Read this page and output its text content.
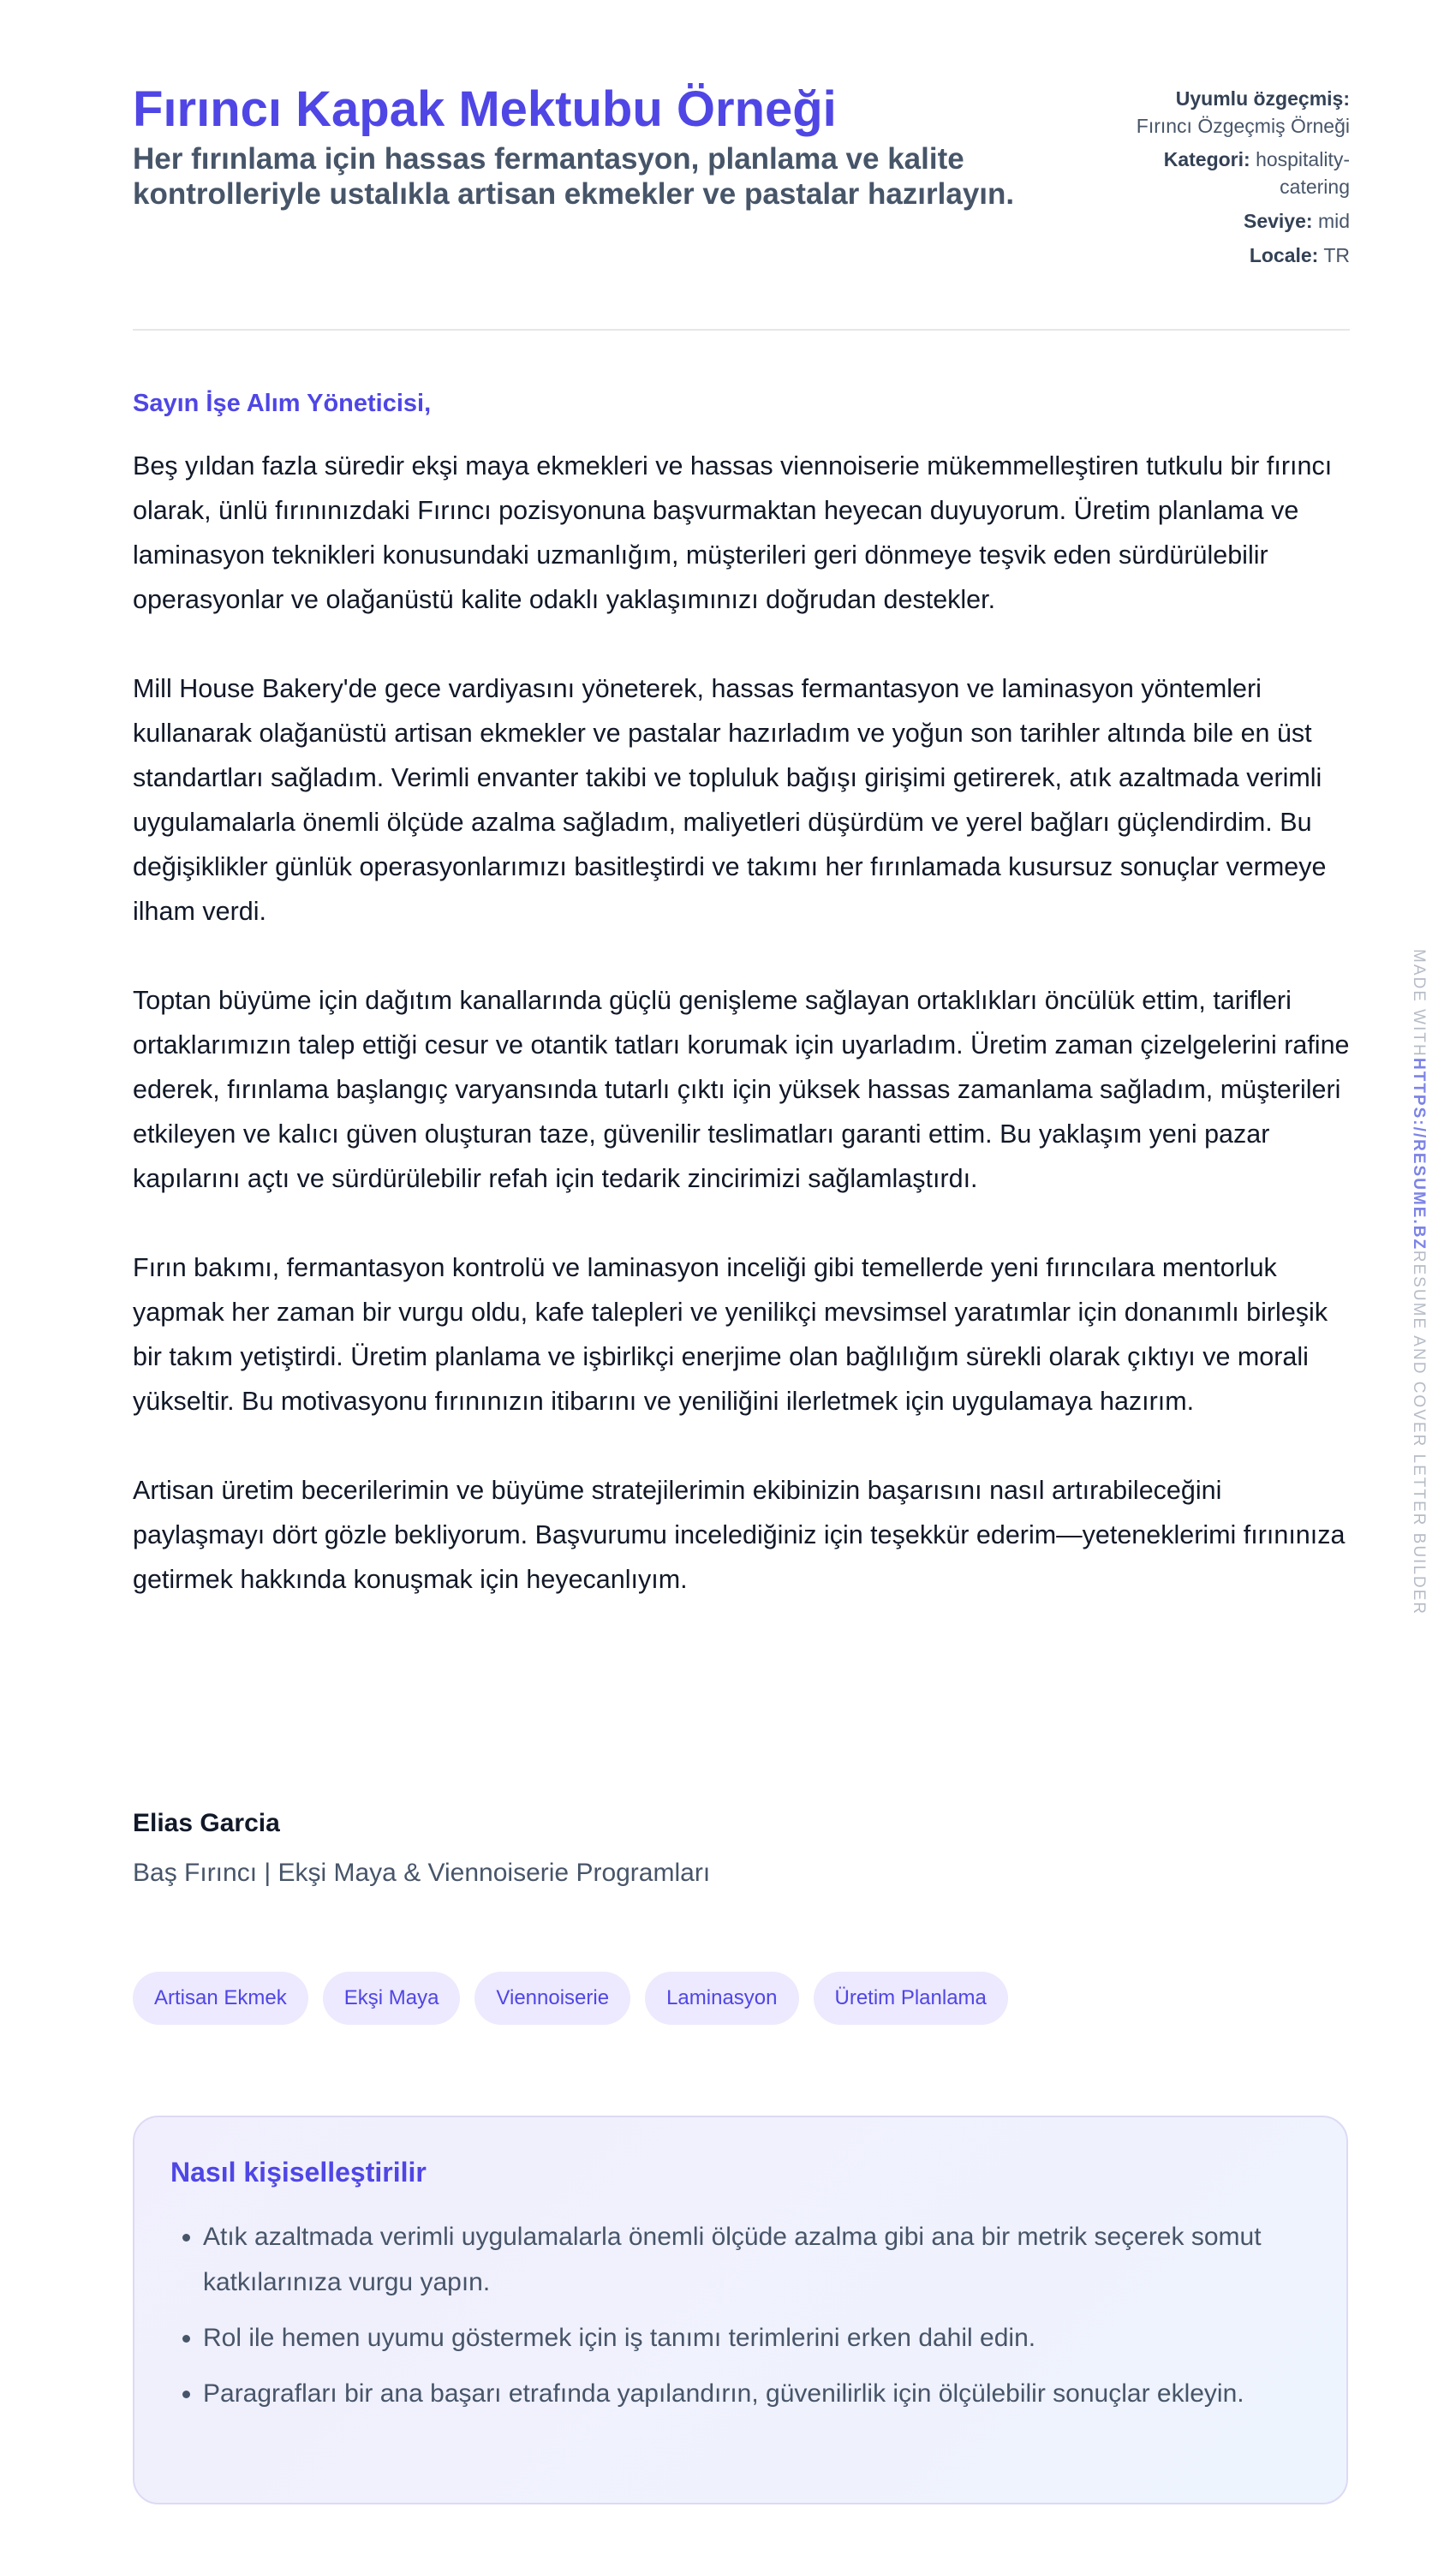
Fırıncı Kapak Mektubu Örneği

Her fırınlama için hassas fermantasyon, planlama ve kalite kontrolleriyle ustalıkla artisan ekmekler ve pastalar hazırlayın.

Uyumlu özgeçmiş: Fırıncı Özgeçmiş Örneği
Kategori: hospitality-catering
Seviye: mid
Locale: TR

Sayın İşe Alım Yöneticisi,

Beş yıldan fazla süredir ekşi maya ekmekleri ve hassas viennoiserie mükemmelleştiren tutkulu bir fırıncı olarak, ünlü fırınınızdaki Fırıncı pozisyonuna başvurmaktan heyecan duyuyorum. Üretim planlama ve laminasyon teknikleri konusundaki uzmanlığım, müşterileri geri dönmeye teşvik eden sürdürülebilir operasyonlar ve olağanüstü kalite odaklı yaklaşımınızı doğrudan destekler.

Mill House Bakery'de gece vardiyasını yöneterek, hassas fermantasyon ve laminasyon yöntemleri kullanarak olağanüstü artisan ekmekler ve pastalar hazırladım ve yoğun son tarihler altında bile en üst standartları sağladım. Verimli envanter takibi ve topluluk bağışı girişimi getirerek, atık azaltmada verimli uygulamalarla önemli ölçüde azalma sağladım, maliyetleri düşürdüm ve yerel bağları güçlendirdim. Bu değişiklikler günlük operasyonlarımızı basitleştirdi ve takımı her fırınlamada kusursuz sonuçlar vermeye ilham verdi.

Toptan büyüme için dağıtım kanallarında güçlü genişleme sağlayan ortaklıkları öncülük ettim, tarifleri ortaklarımızın talep ettiği cesur ve otantik tatları korumak için uyarladım. Üretim zaman çizelgelerini rafine ederek, fırınlama başlangıç varyansında tutarlı çıktı için yüksek hassas zamanlama sağladım, müşterileri etkileyen ve kalıcı güven oluşturan taze, güvenilir teslimatları garanti ettim. Bu yaklaşım yeni pazar kapılarını açtı ve sürdürülebilir refah için tedarik zincirimizi sağlamlaştırdı.

Fırın bakımı, fermantasyon kontrolü ve laminasyon inceliği gibi temellerde yeni fırıncılara mentorluk yapmak her zaman bir vurgu oldu, kafe talepleri ve yenilikçi mevsimsel yaratımlar için donanımlı birleşik bir takım yetiştirdi. Üretim planlama ve işbirlikçi enerjime olan bağlılığım sürekli olarak çıktıyı ve morali yükseltir. Bu motivasyonu fırınınızın itibarını ve yeniliğini ilerletmek için uygulamaya hazırım.

Artisan üretim becerilerimin ve büyüme stratejilerimin ekibinizin başarısını nasıl artırabileceğini paylaşmayı dört gözle bekliyorum. Başvurumu incelediğiniz için teşekkür ederim—yeteneklerimi fırınınıza getirmek hakkında konuşmak için heyecanlıyım.

Elias Garcia
Baş Fırıncı | Ekşi Maya & Viennoiserie Programları
Artisan Ekmek	Ekşi Maya	Viennoiserie	Laminasyon	Üretim Planlama
Nasıl kişiselleştirilir
• Atık azaltmada verimli uygulamalarla önemli ölçüde azalma gibi ana bir metrik seçerek somut katkılarınıza vurgu yapın.
• Rol ile hemen uyumu göstermek için iş tanımı terimlerini erken dahil edin.
• Paragrafları bir ana başarı etrafında yapılandırın, güvenilirlik için ölçülebilir sonuçlar ekleyin.
MADE WITHHTTPS://RESUME.BZRESUME AND COVER LETTER BUILDER
